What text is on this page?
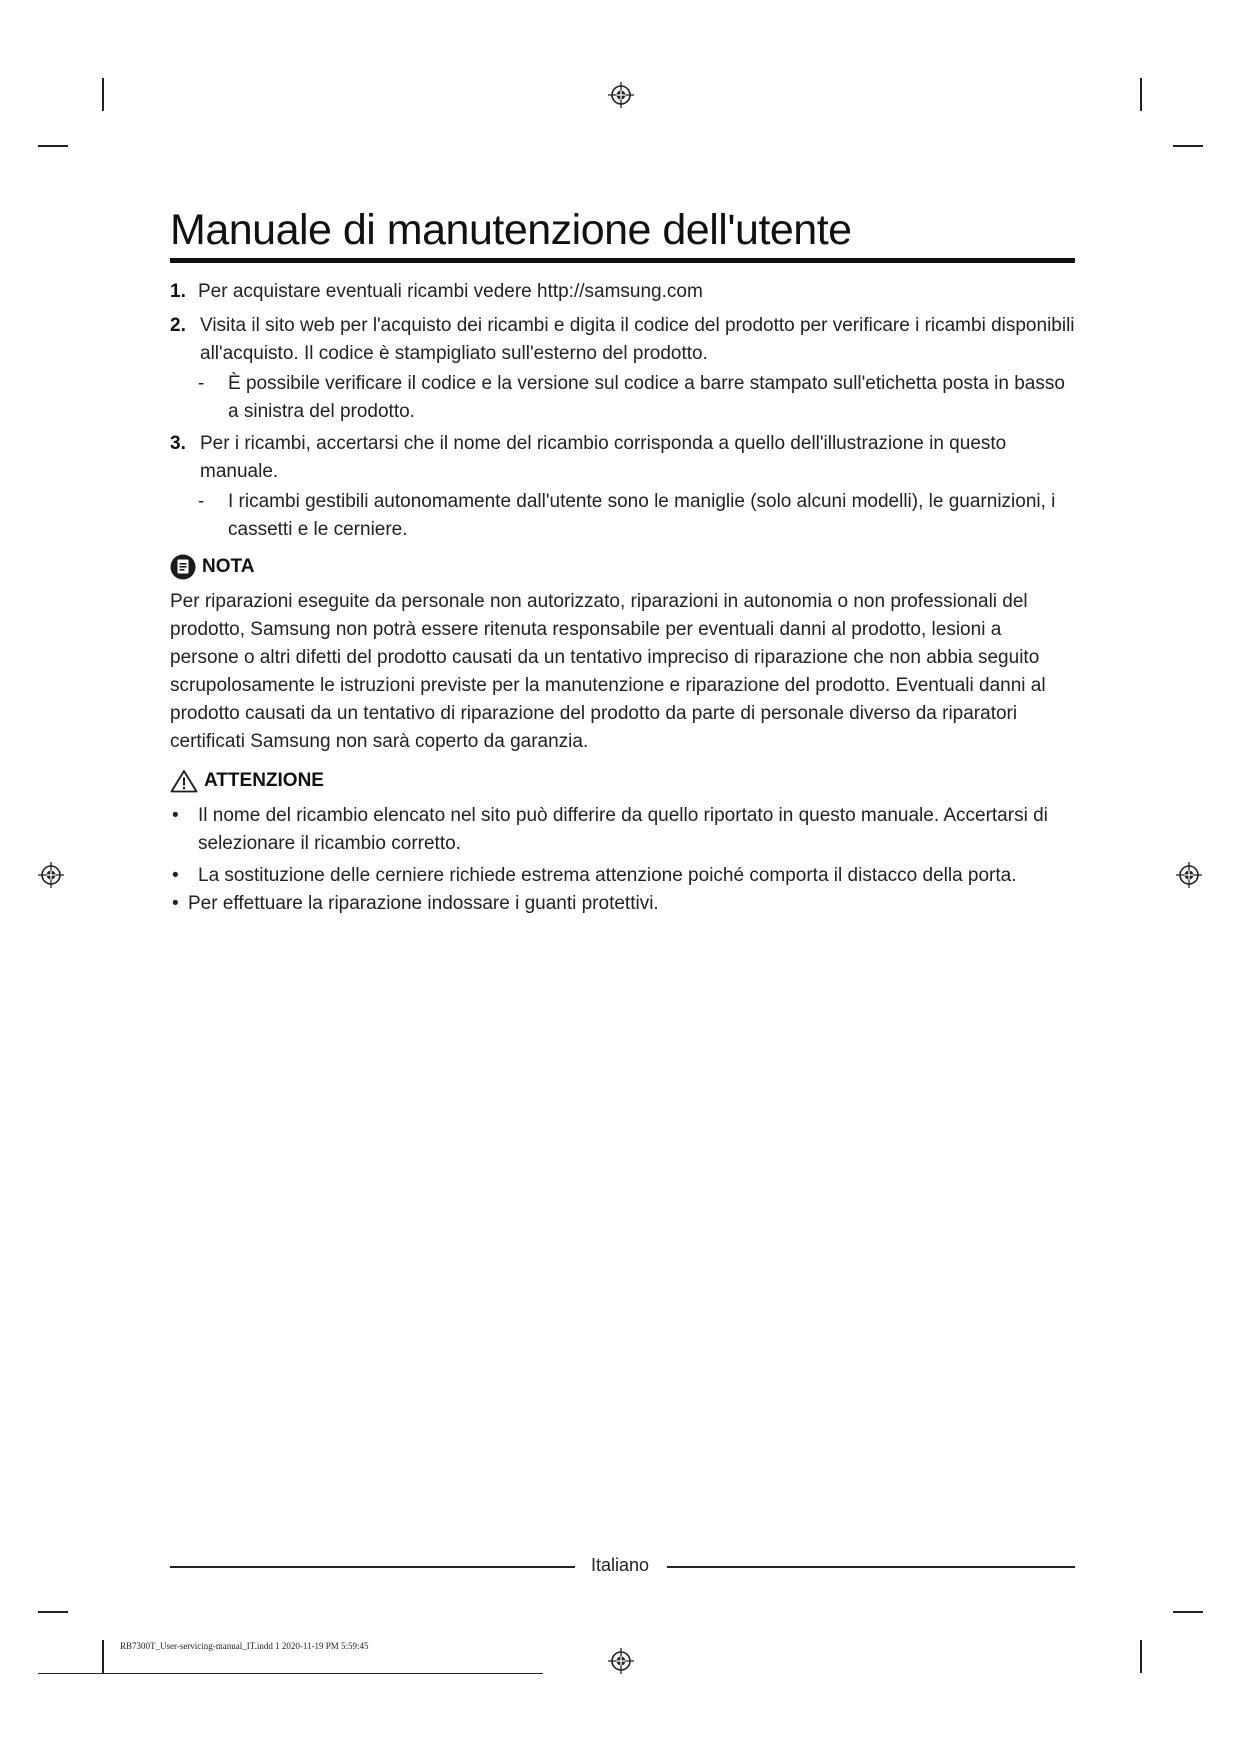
Manuale di manutenzione dell'utente
1. Per acquistare eventuali ricambi vedere http://samsung.com
2. Visita il sito web per l'acquisto dei ricambi e digita il codice del prodotto per verificare i ricambi disponibili all'acquisto. Il codice è stampigliato sull'esterno del prodotto.
- È possibile verificare il codice e la versione sul codice a barre stampato sull'etichetta posta in basso a sinistra del prodotto.
3. Per i ricambi, accertarsi che il nome del ricambio corrisponda a quello dell'illustrazione in questo manuale.
- I ricambi gestibili autonomamente dall'utente sono le maniglie (solo alcuni modelli), le guarnizioni, i cassetti e le cerniere.
NOTA
Per riparazioni eseguite da personale non autorizzato, riparazioni in autonomia o non professionali del prodotto, Samsung non potrà essere ritenuta responsabile per eventuali danni al prodotto, lesioni a persone o altri difetti del prodotto causati da un tentativo impreciso di riparazione che non abbia seguito scrupolosamente le istruzioni previste per la manutenzione e riparazione del prodotto. Eventuali danni al prodotto causati da un tentativo di riparazione del prodotto da parte di personale diverso da riparatori certificati Samsung non sarà coperto da garanzia.
ATTENZIONE
• Il nome del ricambio elencato nel sito può differire da quello riportato in questo manuale. Accertarsi di selezionare il ricambio corretto.
• La sostituzione delle cerniere richiede estrema attenzione poiché comporta il distacco della porta.
• Per effettuare la riparazione indossare i guanti protettivi.
Italiano
RB7300T_User-servicing-manual_IT.indd 1 2020-11-19 PM 5:59:45
